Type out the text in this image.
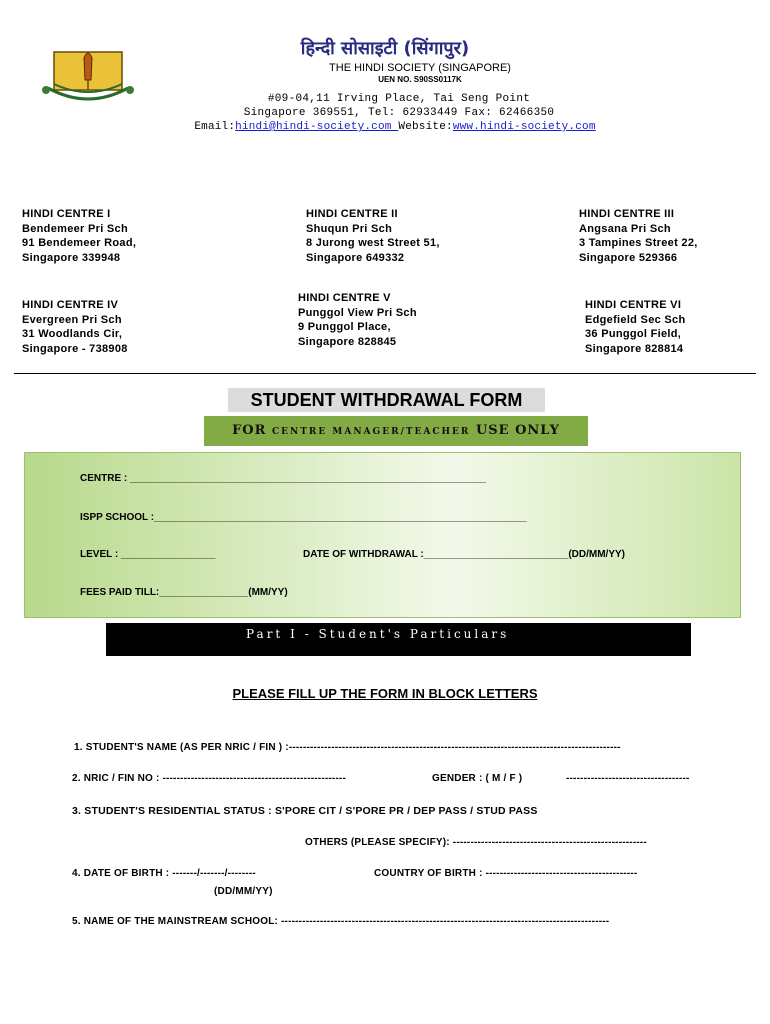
हिन्दी सोसाइटी (सिंगापुर)
THE HINDI SOCIETY (SINGAPORE)
UEN NO. S90SS0117K
#09-04,11 Irving Place, Tai Seng Point
Singapore 369551, Tel: 62933449 Fax: 62466350
Email:hindi@hindi-society.com Website:www.hindi-society.com
HINDI CENTRE I
Bendemeer Pri Sch
91 Bendemeer Road,
Singapore 339948
HINDI CENTRE II
Shuqun Pri Sch
8 Jurong west Street 51,
Singapore 649332
HINDI CENTRE III
Angsana Pri Sch
3 Tampines Street 22,
Singapore 529366
HINDI CENTRE IV
Evergreen Pri Sch
31 Woodlands Cir,
Singapore - 738908
HINDI CENTRE V
Punggol View Pri Sch
9 Punggol Place,
Singapore 828845
HINDI CENTRE VI
Edgefield Sec Sch
36 Punggol Field,
Singapore 828814
STUDENT WITHDRAWAL FORM
FOR CENTRE MANAGER/TEACHER USE ONLY
CENTRE : ________________________________________________________________
ISPP SCHOOL :___________________________________________________________________
LEVEL : _________________	DATE OF WITHDRAWAL :__________________________(DD/MM/YY)
FEES PAID TILL:________________(MM/YY)
Part I - Student's Particulars
PLEASE FILL UP THE FORM IN BLOCK LETTERS
1. STUDENT'S NAME (AS PER NRIC / FIN ) :----------------------------------------------------------------------------------------------
2. NRIC / FIN NO : ----------------------------------------------------	GENDER : ( M / F )	-----------------------------------
3. STUDENT'S RESIDENTIAL STATUS : S'PORE CIT / S'PORE PR / DEP PASS / STUD PASS
OTHERS (PLEASE SPECIFY): -------------------------------------------------------
4. DATE OF BIRTH : -------/-------/--------	COUNTRY OF BIRTH : -------------------------------------------
(DD/MM/YY)
5. NAME OF THE MAINSTREAM SCHOOL: ---------------------------------------------------------------------------------------------
